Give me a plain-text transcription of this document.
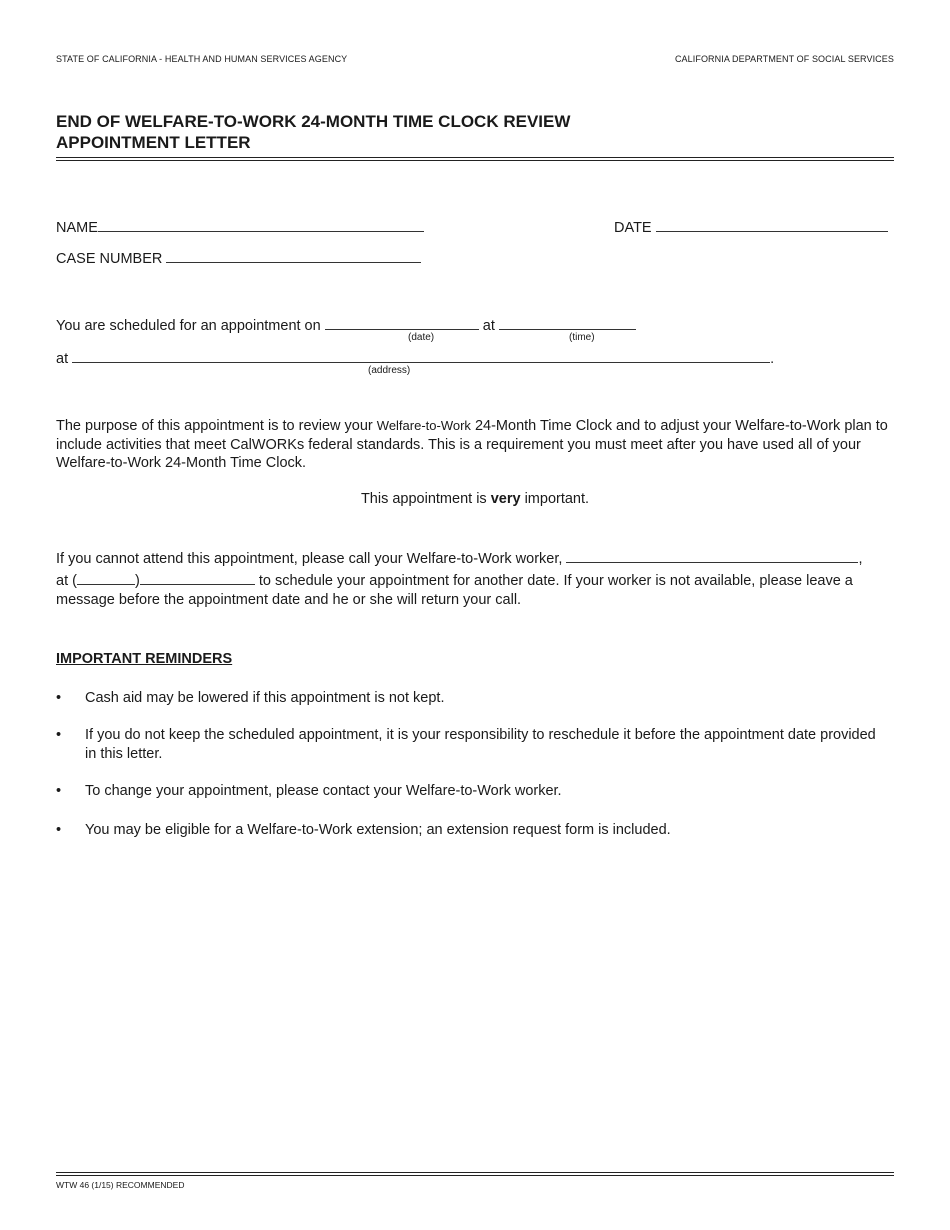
STATE OF CALIFORNIA - HEALTH AND HUMAN SERVICES AGENCY	CALIFORNIA DEPARTMENT OF SOCIAL SERVICES
END OF WELFARE-TO-WORK 24-MONTH TIME CLOCK REVIEW
APPOINTMENT LETTER
NAME	DATE
CASE NUMBER
You are scheduled for an appointment on	at
(date)	(time)
at	.
(address)
The purpose of this appointment is to review your Welfare-to-Work 24-Month Time Clock and to adjust your Welfare-to-Work plan to include activities that meet CalWORKs federal standards. This is a requirement you must meet after you have used all of your Welfare-to-Work 24-Month Time Clock.
This appointment is very important.
If you cannot attend this appointment, please call your Welfare-to-Work worker,	,
at (	)	to schedule your appointment for another date. If your worker is not available, please leave a
message before the appointment date and he or she will return your call.
IMPORTANT REMINDERS
• Cash aid may be lowered if this appointment is not kept.
• If you do not keep the scheduled appointment, it is your responsibility to reschedule it before the appointment date provided in this letter.
• To change your appointment, please contact your Welfare-to-Work worker.
• You may be eligible for a Welfare-to-Work extension; an extension request form is included.
WTW 46 (1/15) RECOMMENDED
